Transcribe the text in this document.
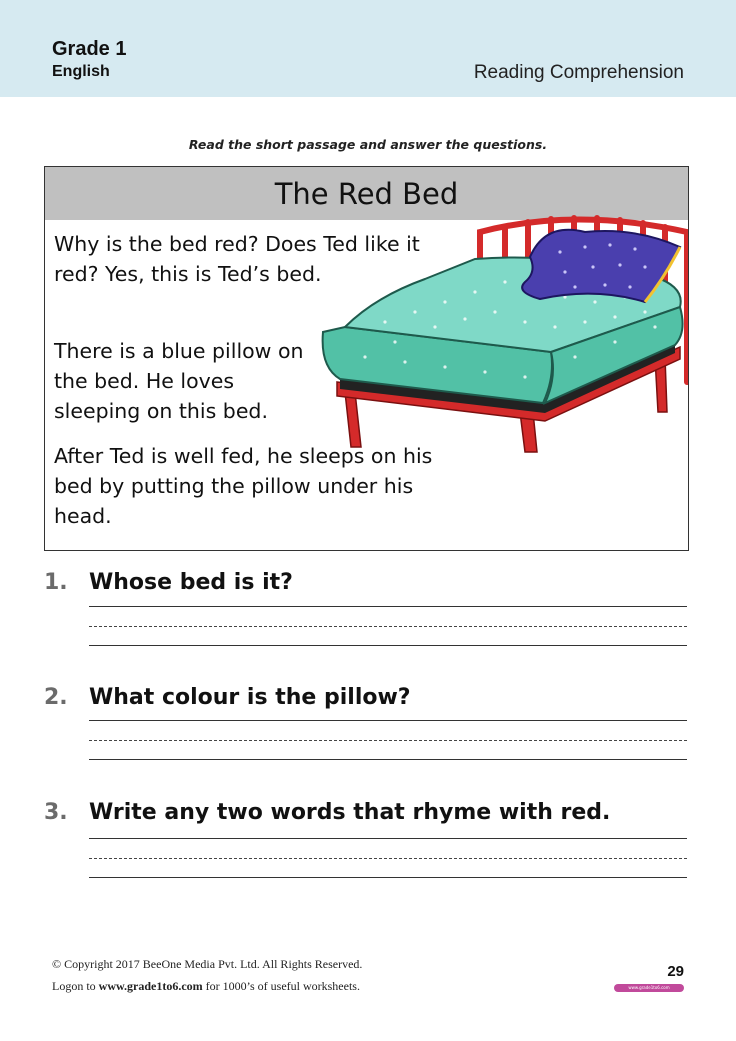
Grade 1
English	Reading Comprehension
Read the short passage and answer the questions.
The Red Bed
Why is the bed red? Does Ted like it red? Yes, this is Ted’s bed.
There is a blue pillow on the bed. He loves sleeping on this bed.
After Ted is well fed, he sleeps on his bed by putting the pillow under his head.
1. Whose bed is it?
2. What colour is the pillow?
3. Write any two words that rhyme with red.
© Copyright 2017 BeeOne Media Pvt. Ltd. All Rights Reserved.
Logon to www.grade1to6.com for 1000’s of useful worksheets.
29
www.grade1to6.com
